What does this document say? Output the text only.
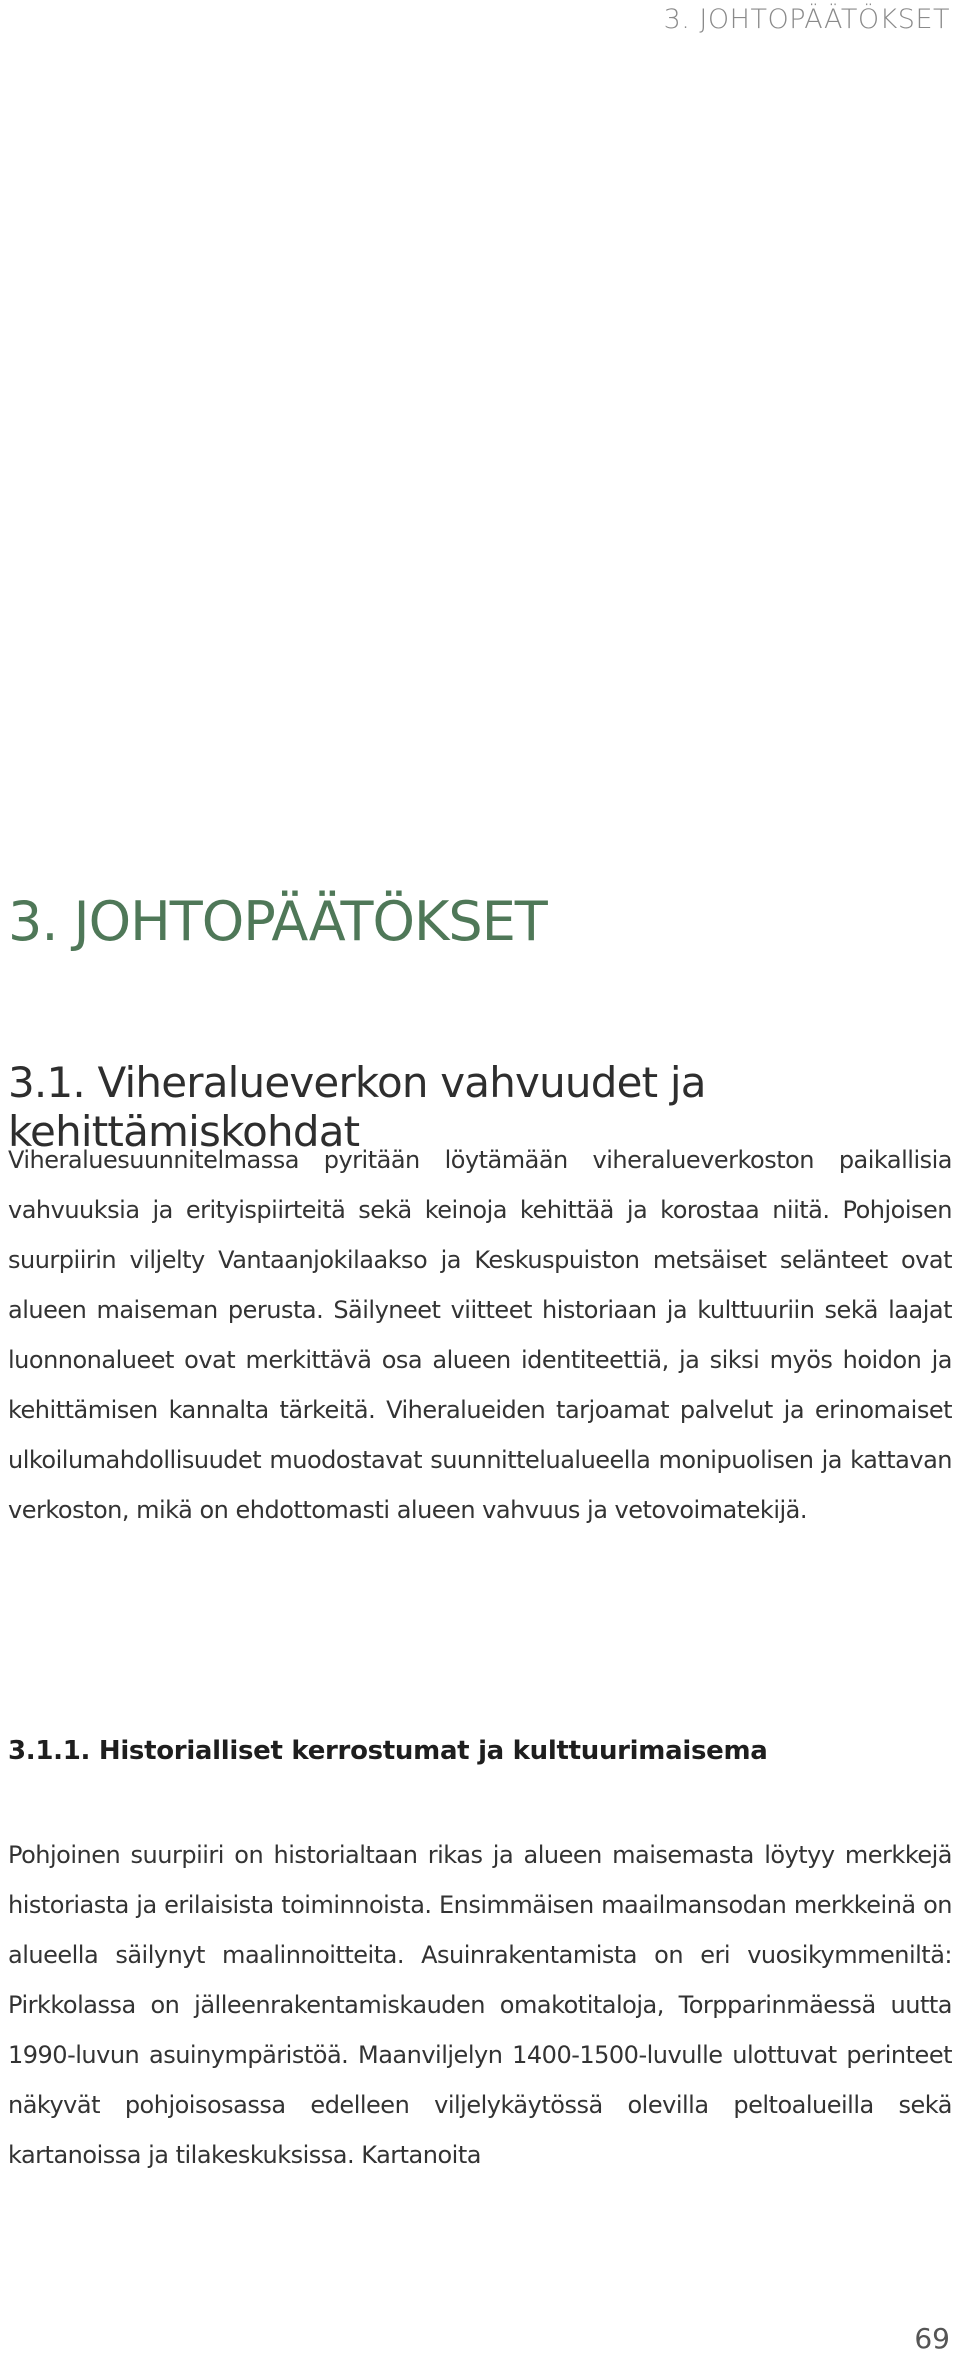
3. JOHTOPÄÄTÖKSET
3. JOHTOPÄÄTÖKSET
3.1. Viheralueverkon vahvuudet ja kehittämiskohdat

Viheraluesuunnitelmassa pyritään löytämään viheralueverkoston paikallisia vahvuuksia ja erityispiirteitä sekä keinoja kehittää ja korostaa niitä. Pohjoisen suurpiirin viljelty Vantaanjokilaakso ja Keskuspuiston metsäiset selänteet ovat alueen maiseman perusta. Säilyneet viitteet historiaan ja kulttuuriin sekä laajat luonnonalueet ovat merkittävä osa alueen identiteettiä, ja siksi myös hoidon ja kehittämisen kannalta tärkeitä. Viheralueiden tarjoamat palvelut ja erinomaiset ulkoilumahdollisuudet muodostavat suunnittelualueella monipuolisen ja kattavan verkoston, mikä on ehdottomasti alueen vahvuus ja vetovoimatekijä.

3.1.1. Historialliset kerrostumat ja kulttuurimaisema

Pohjoinen suurpiiri on historialtaan rikas ja alueen maisemasta löytyy merkkejä historiasta ja erilaisista toiminnoista. Ensimmäisen maailmansodan merkkeinä on alueella säilynyt maalinnoitteita. Asuinrakentamista on eri vuosikymmeniltä: Pirkkolassa on jälleenrakentamiskauden omakotitaloja, Torpparinmäessä uutta 1990-luvun asuinympäristöä. Maanviljelyn 1400-1500-luvulle ulottuvat perinteet näkyvät pohjoisosassa edelleen viljelykäytössä olevilla peltoalueilla sekä kartanoissa ja tilakeskuksissa. Kartanoita

69
